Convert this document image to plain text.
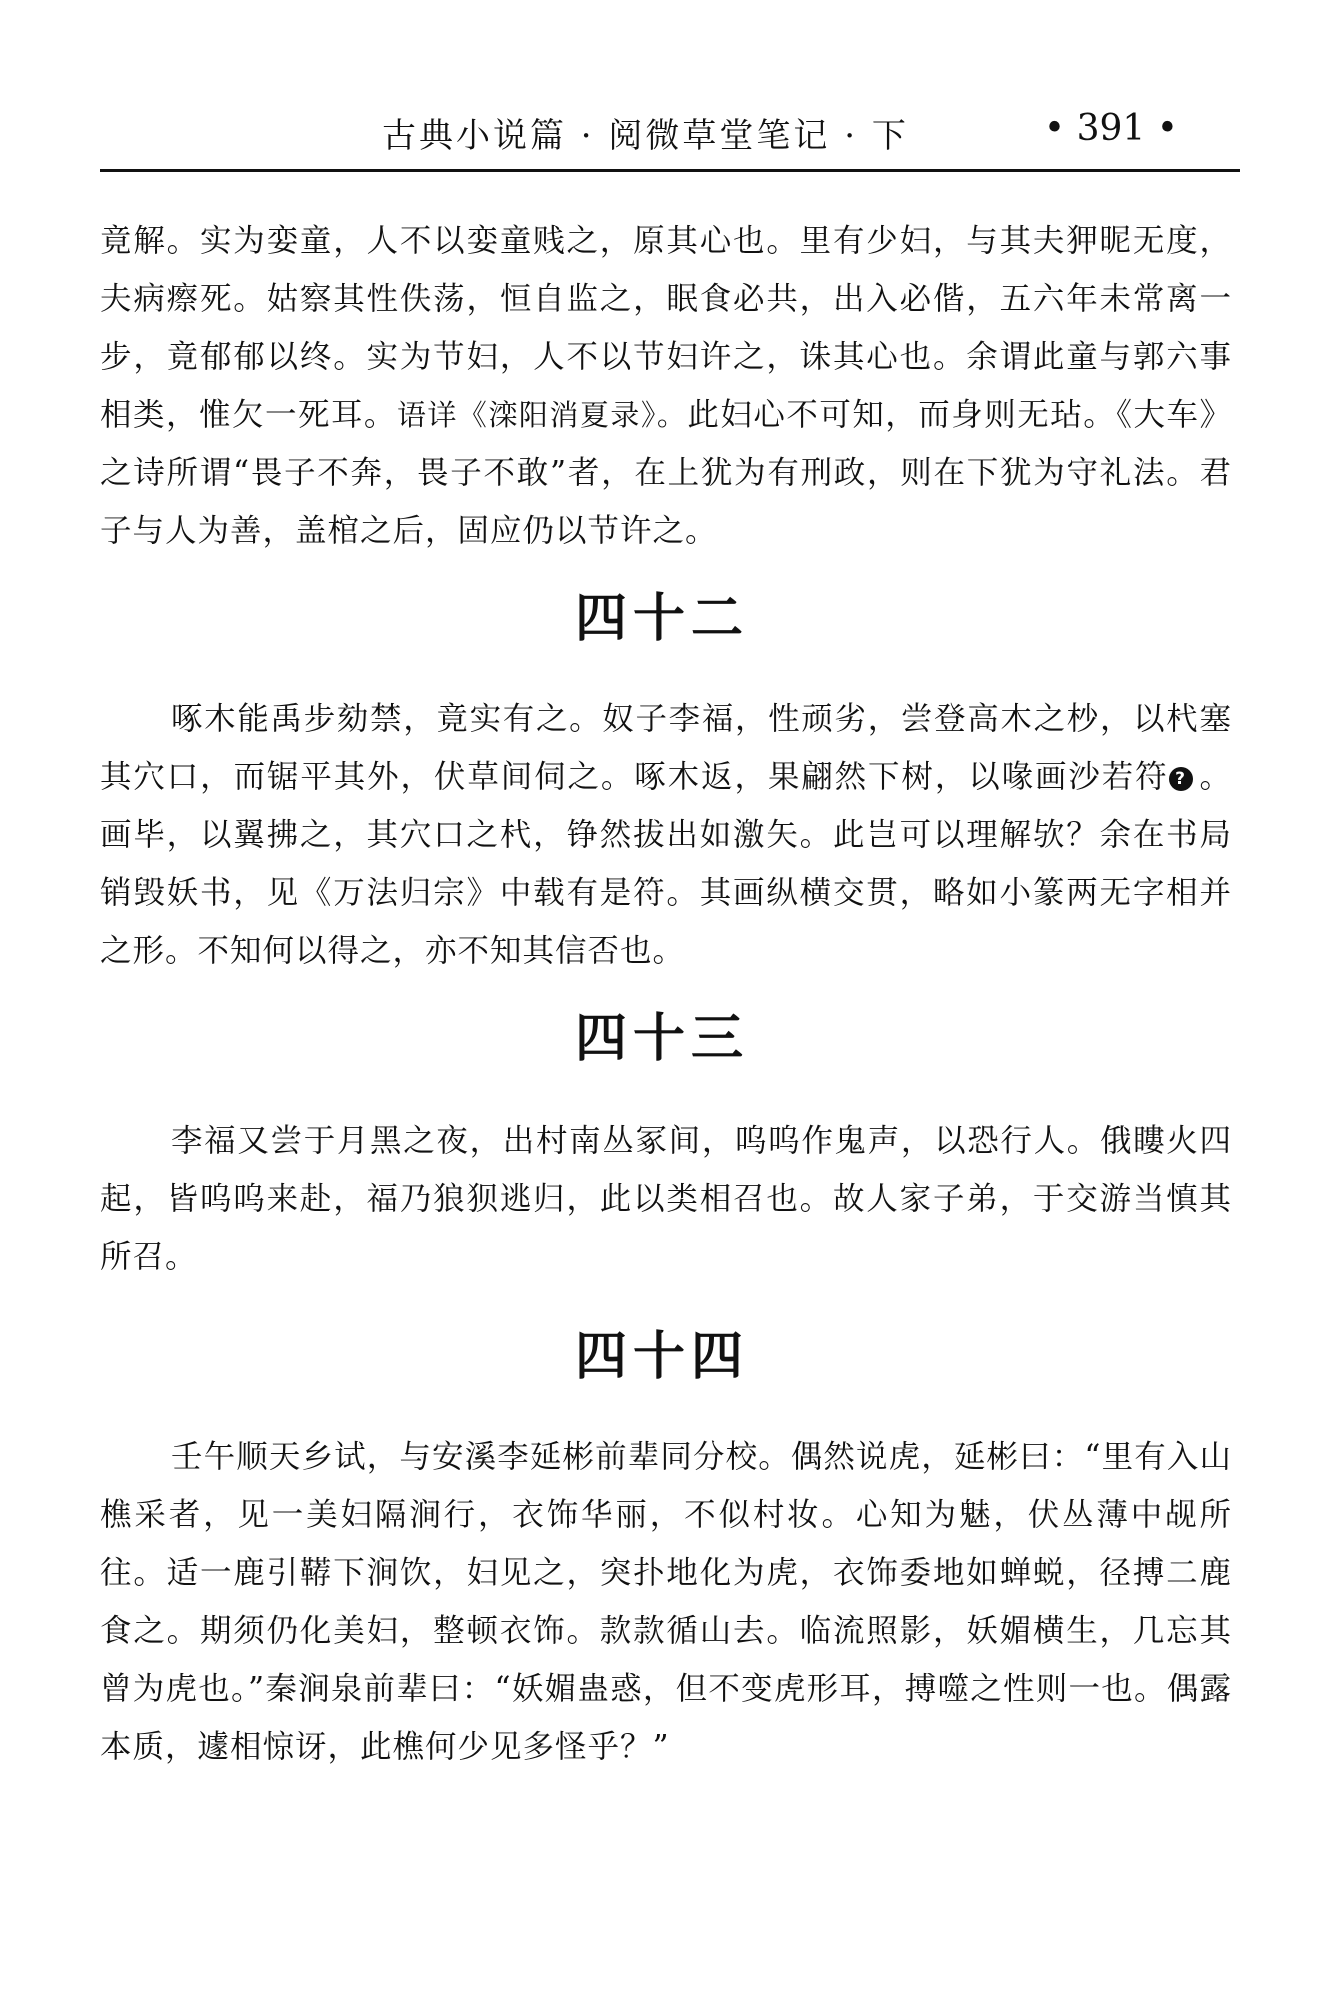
古典小说篇 · 阅微草堂笔记 · 下	• 391 •

竟解。实为娈童，人不以娈童贱之，原其心也。里有少妇，与其夫狎昵无度，夫病瘵死。姑察其性佚荡，恒自监之，眠食必共，出入必偕，五六年未常离一步，竟郁郁以终。实为节妇，人不以节妇许之，诛其心也。余谓此童与郭六事相类，惟欠一死耳。语详《滦阳消夏录》。此妇心不可知，而身则无玷。《大车》之诗所谓“畏子不奔，畏子不敢”者，在上犹为有刑政，则在下犹为守礼法。君子与人为善，盖棺之后，固应仍以节许之。

四十二

啄木能禹步劾禁，竟实有之。奴子李福，性顽劣，尝登高木之杪，以杙塞其穴口，而锯平其外，伏草间伺之。啄木返，果翩然下树，以喙画沙若符 ? 。画毕，以翼拂之，其穴口之杙，铮然拔出如激矢。此岂可以理解欤？余在书局销毁妖书，见《万法归宗》中载有是符。其画纵横交贯，略如小篆两无字相并之形。不知何以得之，亦不知其信否也。

四十三

李福又尝于月黑之夜，出村南丛冢间，呜呜作鬼声，以恐行人。俄瞜火四起，皆呜呜来赴，福乃狼狈逃归，此以类相召也。故人家子弟，于交游当慎其所召。

四十四

壬午顺天乡试，与安溪李延彬前辈同分校。偶然说虎，延彬曰：“里有入山樵采者，见一美妇隔涧行，衣饰华丽，不似村妆。心知为魅，伏丛薄中觇所往。适一鹿引鞯下涧饮，妇见之，突扑地化为虎，衣饰委地如蝉蜕，径搏二鹿食之。期须仍化美妇，整顿衣饰。款款循山去。临流照影，妖媚横生，几忘其曾为虎也。”秦涧泉前辈曰：“妖媚蛊惑，但不变虎形耳，搏噬之性则一也。偶露本质，遽相惊讶，此樵何少见多怪乎？”
